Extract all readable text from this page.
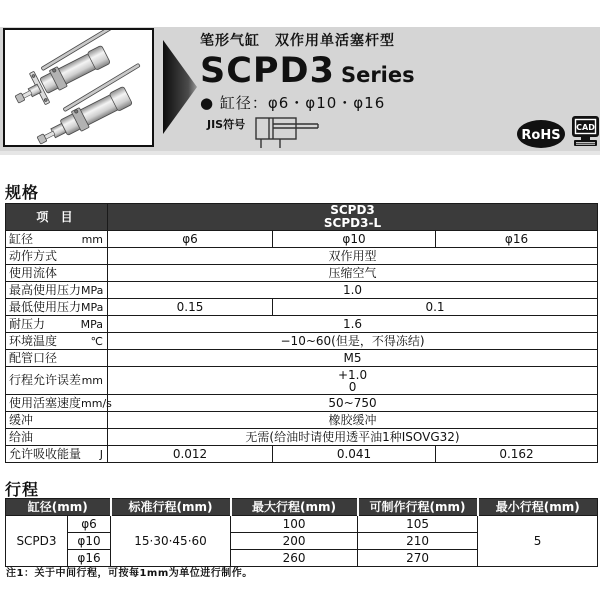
笔形气缸　双作用单活塞杆型
SCPD3 Series
● 缸径：φ6・φ10・φ16
JIS符号
RoHS
CAD
规格
项 目	SCPD3
SCPD3-L		

缸径 mm	φ6	φ10	φ16

动作方式	双作用型		

使用流体	压缩空气		

最高使用压力 MPa	1.0		

最低使用压力 MPa	0.15	0.1	

耐压力 MPa	1.6		

环境温度 ℃	−10~60(但是，不得冻结)		

配管口径	M5		

行程允许误差 mm	+1.0
0

使用活塞速度 mm/s	50~750		

缓冲	橡胶缓冲		

给油	无需(给油时请使用透平油1种ISOVG32)		

允许吸收能量 J	0.012	0.041	0.162
行程
缸径(mm)		标准行程(mm)	最大行程(mm)	可制作行程(mm)	最小行程(mm)
SCPD3	φ6	15·30·45·60	100	105	5
	φ10		200	210	
	φ16		260	270	
注1：关于中间行程，可按每1mm为单位进行制作。
